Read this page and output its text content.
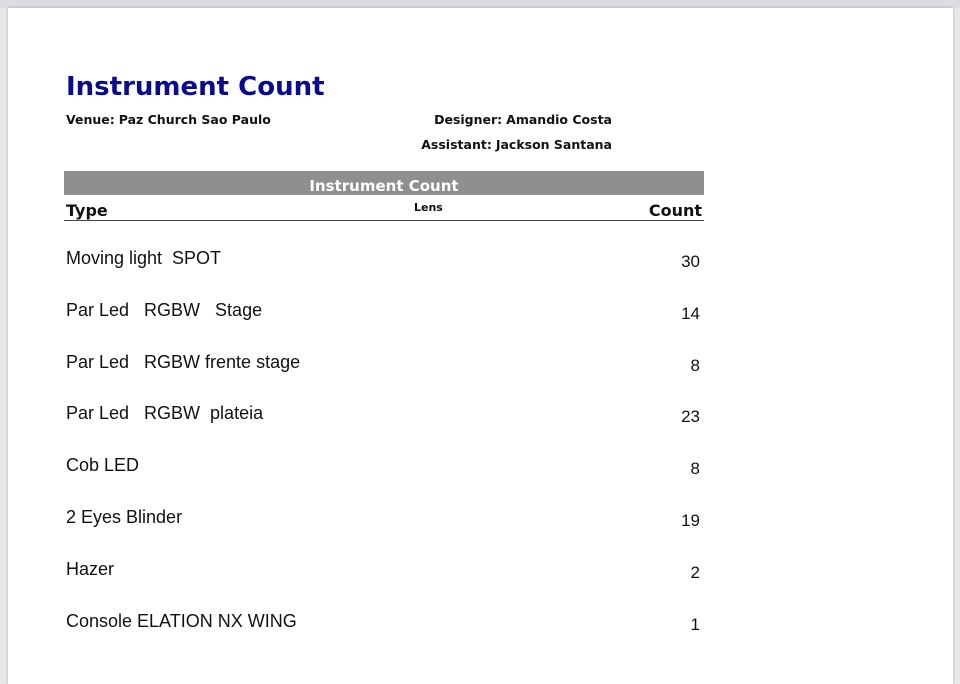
Instrument Count
Venue: Paz Church Sao Paulo	Designer: Amandio Costa
Assistant: Jackson Santana
Instrument Count
Type	Lens	Count
Moving light  SPOT	30
Par Led   RGBW   Stage	14
Par Led   RGBW frente stage	8
Par Led   RGBW  plateia	23
Cob LED	8
2 Eyes Blinder	19
Hazer	2
Console ELATION NX WING	1
